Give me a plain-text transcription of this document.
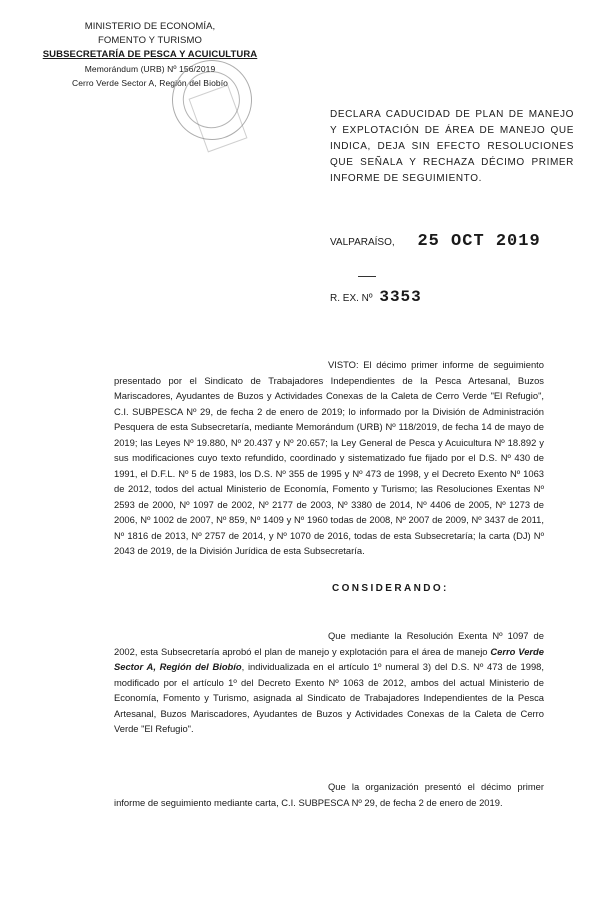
MINISTERIO DE ECONOMÍA,
FOMENTO Y TURISMO
SUBSECRETARÍA DE PESCA Y ACUICULTURA
Memorándum (URB) Nº 156/2019
Cerro Verde Sector A, Región del Biobío
DECLARA CADUCIDAD DE PLAN DE MANEJO Y EXPLOTACIÓN DE ÁREA DE MANEJO QUE INDICA, DEJA SIN EFECTO RESOLUCIONES QUE SEÑALA Y RECHAZA DÉCIMO PRIMER INFORME DE SEGUIMIENTO.
VALPARAÍSO, 25 OCT 2019
R. EX. Nº 3353
VISTO: El décimo primer informe de seguimiento presentado por el Sindicato de Trabajadores Independientes de la Pesca Artesanal, Buzos Mariscadores, Ayudantes de Buzos y Actividades Conexas de la Caleta de Cerro Verde "El Refugio", C.I. SUBPESCA Nº 29, de fecha 2 de enero de 2019; lo informado por la División de Administración Pesquera de esta Subsecretaría, mediante Memorándum (URB) Nº 118/2019, de fecha 14 de mayo de 2019; las Leyes Nº 19.880, Nº 20.437 y Nº 20.657; la Ley General de Pesca y Acuicultura Nº 18.892 y sus modificaciones cuyo texto refundido, coordinado y sistematizado fue fijado por el D.S. Nº 430 de 1991, el D.F.L. Nº 5 de 1983, los D.S. Nº 355 de 1995 y Nº 473 de 1998, y el Decreto Exento Nº 1063 de 2012, todos del actual Ministerio de Economía, Fomento y Turismo; las Resoluciones Exentas Nº 2593 de 2000, Nº 1097 de 2002, Nº 2177 de 2003, Nº 3380 de 2014, Nº 4406 de 2005, Nº 1273 de 2006, Nº 1002 de 2007, Nº 859, Nº 1409 y Nº 1960 todas de 2008, Nº 2007 de 2009, Nº 3437 de 2011, Nº 1816 de 2013, Nº 2757 de 2014, y Nº 1070 de 2016, todas de esta Subsecretaría; la carta (DJ) Nº 2043 de 2019, de la División Jurídica de esta Subsecretaría.
CONSIDERANDO:
Que mediante la Resolución Exenta Nº 1097 de 2002, esta Subsecretaría aprobó el plan de manejo y explotación para el área de manejo Cerro Verde Sector A, Región del Biobío, individualizada en el artículo 1º numeral 3) del D.S. Nº 473 de 1998, modificado por el artículo 1º del Decreto Exento Nº 1063 de 2012, ambos del actual Ministerio de Economía, Fomento y Turismo, asignada al Sindicato de Trabajadores Independientes de la Pesca Artesanal, Buzos Mariscadores, Ayudantes de Buzos y Actividades Conexas de la Caleta de Cerro Verde "El Refugio".
Que la organización presentó el décimo primer informe de seguimiento mediante carta, C.I. SUBPESCA Nº 29, de fecha 2 de enero de 2019.
